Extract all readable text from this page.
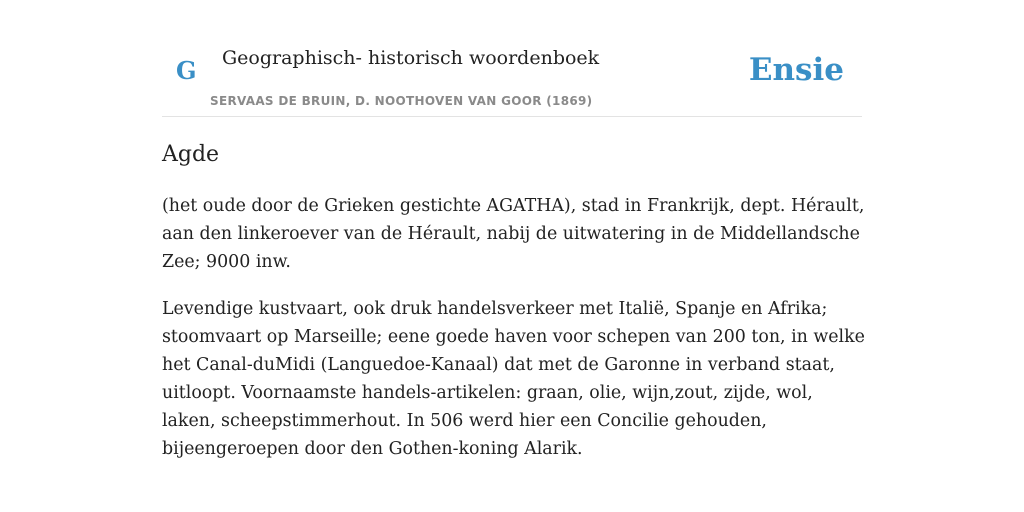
G Geographisch- historisch woordenboek
SERVAAS DE BRUIN, D. NOOTHOVEN VAN GOOR (1869)
Ensie
Agde

(het oude door de Grieken gestichte AGATHA), stad in Frankrijk, dept. Hérault, aan den linkeroever van de Hérault, nabij de uitwatering in de Middellandsche Zee; 9000 inw.

Levendige kustvaart, ook druk handelsverkeer met Italië, Spanje en Afrika; stoomvaart op Marseille; eene goede haven voor schepen van 200 ton, in welke het Canal-duMidi (Languedoe-Kanaal) dat met de Garonne in verband staat, uitloopt. Voornaamste handels-artikelen: graan, olie, wijn,zout, zijde, wol, laken, scheepstimmerhout. In 506 werd hier een Concilie gehouden, bijeengeroepen door den Gothen-koning Alarik.
